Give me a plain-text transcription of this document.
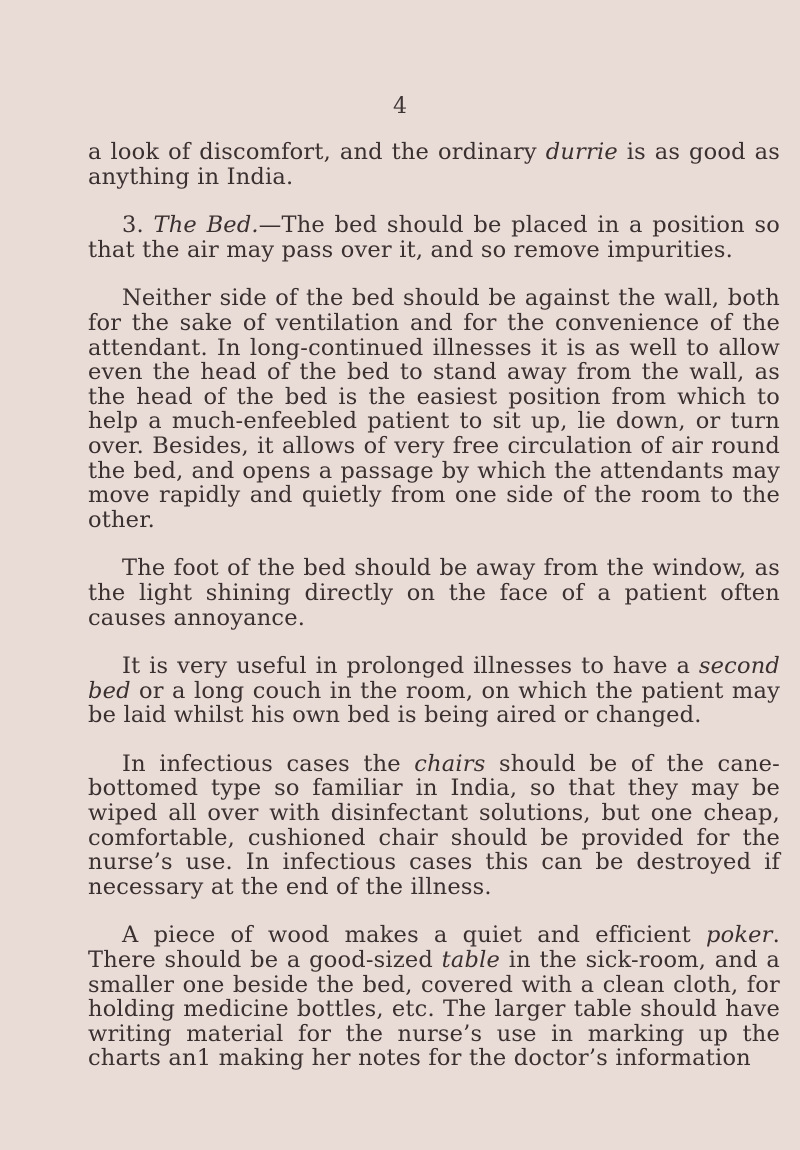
4

a look of discomfort, and the ordinary durrie is as good as anything in India.

3. The Bed.—The bed should be placed in a position so that the air may pass over it, and so remove impurities.

Neither side of the bed should be against the wall, both for the sake of ventilation and for the convenience of the attendant. In long-continued illnesses it is as well to allow even the head of the bed to stand away from the wall, as the head of the bed is the easiest position from which to help a much-enfeebled patient to sit up, lie down, or turn over. Besides, it allows of very free circulation of air round the bed, and opens a passage by which the attendants may move rapidly and quietly from one side of the room to the other.

The foot of the bed should be away from the window, as the light shining directly on the face of a patient often causes annoyance.

It is very useful in prolonged illnesses to have a second bed or a long couch in the room, on which the patient may be laid whilst his own bed is being aired or changed.

In infectious cases the chairs should be of the cane-bottomed type so familiar in India, so that they may be wiped all over with disinfectant solutions, but one cheap, comfortable, cushioned chair should be provided for the nurse’s use. In infectious cases this can be destroyed if necessary at the end of the illness.

A piece of wood makes a quiet and efficient poker. There should be a good-sized table in the sick-room, and a smaller one beside the bed, covered with a clean cloth, for holding medicine bottles, etc. The larger table should have writing material for the nurse’s use in marking up the charts an1 making her notes for the doctor’s information
